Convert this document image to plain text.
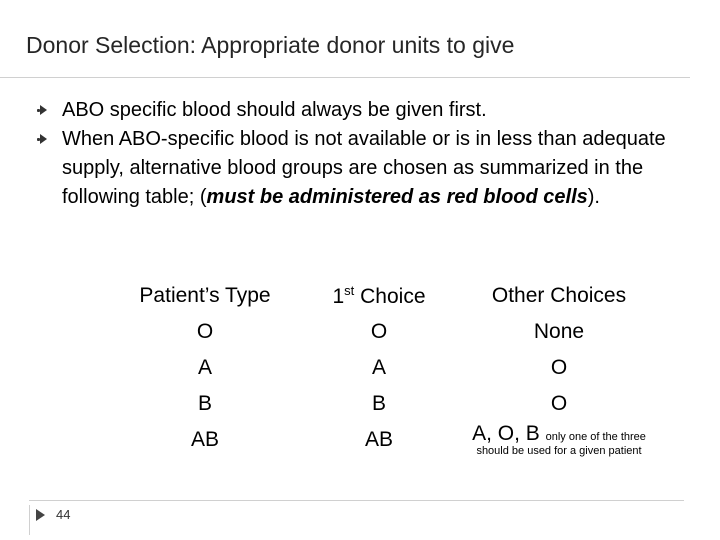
Donor Selection: Appropriate donor units to give
ABO specific blood should always be given first.
When ABO-specific blood is not available or is in less than adequate supply, alternative blood groups are chosen as summarized in the following table; (must be administered as red blood cells).
Patient’s Type	1st Choice	Other Choices
O	O	None
A	A	O
B	B	O
AB	AB	A, O, B only one of the three
should be used for a given patient
44
